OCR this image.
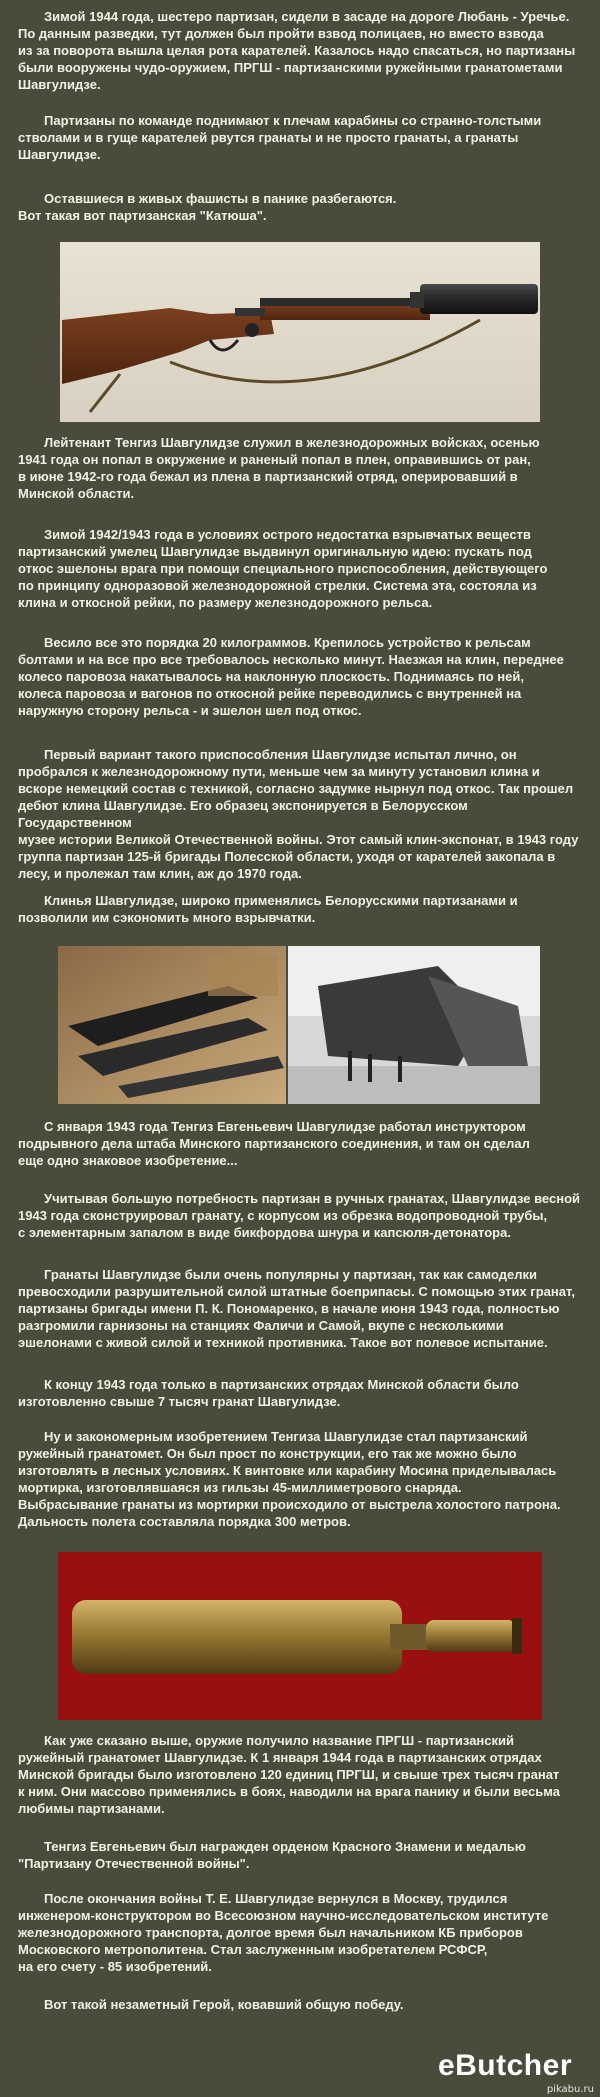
Зимой 1944 года, шестеро партизан, сидели в засаде на дороге Любань - Уречье.
По данным разведки, тут должен был пройти взвод полицаев, но вместо взвода
из за поворота вышла целая рота карателей. Казалось надо спасаться, но партизаны
были вооружены чудо-оружием, ПРГШ - партизанскими ружейными гранатометами
Шавгулидзе.

Партизаны по команде поднимают к плечам карабины со странно-толстыми
стволами и в гуще карателей рвутся гранаты и не просто гранаты, а гранаты
Шавгулидзе.

Оставшиеся в живых фашисты в панике разбегаются.
Вот такая вот партизанская "Катюша".

Лейтенант Тенгиз Шавгулидзе служил в железнодорожных войсках, осенью
1941 года он попал в окружение и раненый попал в плен, оправившись от ран,
в июне 1942-го года бежал из плена в партизанский отряд, оперировавший в
Минской области.

Зимой 1942/1943 года в условиях острого недостатка взрывчатых веществ
партизанский умелец Шавгулидзе выдвинул оригинальную идею: пускать под
откос эшелоны врага при помощи специального приспособления, действующего
по принципу одноразовой железнодорожной стрелки. Система эта, состояла из
клина и откосной рейки, по размеру железнодорожного рельса.

Весило все это порядка 20 килограммов. Крепилось устройство к рельсам
болтами и на все про все требовалось несколько минут. Наезжая на клин, переднее
колесо паровоза накатывалось на наклонную плоскость. Поднимаясь по ней,
колеса паровоза и вагонов по откосной рейке переводились с внутренней на
наружную сторону рельса - и эшелон шел под откос.

Первый вариант такого приспособления Шавгулидзе испытал лично, он
пробрался к железнодорожному пути, меньше чем за минуту установил клина и
вскоре немецкий состав с техникой, согласно задумке нырнул под откос. Так прошел
дебют клина Шавгулидзе. Его образец экспонируется в Белорусском Государственном
музее истории Великой Отечественной войны. Этот самый клин-экспонат, в 1943 году
группа партизан 125-й бригады Полесской области, уходя от карателей закопала в
лесу, и пролежал там клин, аж до 1970 года.

Клинья Шавгулидзе, широко применялись Белорусскими партизанами и
позволили им сэкономить много взрывчатки.

С января 1943 года Тенгиз Евгеньевич Шавгулидзе работал инструктором
подрывного дела штаба Минского партизанского соединения, и там он сделал
еще одно знаковое изобретение...

Учитывая большую потребность партизан в ручных гранатах, Шавгулидзе весной
1943 года сконструировал гранату, с корпусом из обрезка водопроводной трубы,
с элементарным запалом в виде бикфордова шнура и капсюля-детонатора.

Гранаты Шавгулидзе были очень популярны у партизан, так как самоделки
превосходили разрушительной силой штатные боеприпасы. С помощью этих гранат,
партизаны бригады имени П. К. Пономаренко, в начале июня 1943 года, полностью
разгромили гарнизоны на станциях Фаличи и Самой, вкупе с несколькими
эшелонами с живой силой и техникой противника. Такое вот полевое испытание.

К концу 1943 года только в партизанских отрядах Минской области было
изготовленно свыше 7 тысяч гранат Шавгулидзе.

Ну и закономерным изобретением Тенгиза Шавгулидзе стал партизанский
ружейный гранатомет. Он был прост по конструкции, его так же можно было
изготовлять в лесных условиях. К винтовке или карабину Мосина приделывалась
мортирка, изготовлявшаяся из гильзы 45-миллиметрового снаряда.
Выбрасывание гранаты из мортирки происходило от выстрела холостого патрона.
Дальность полета составляла порядка 300 метров.

Как уже сказано выше, оружие получило название ПРГШ - партизанский
ружейный гранатомет Шавгулидзе. К 1 января 1944 года в партизанских отрядах
Минской бригады было изготовлено 120 единиц ПРГШ, и свыше трех тысяч гранат
к ним. Они массово применялись в боях, наводили на врага панику и были весьма
любимы партизанами.

Тенгиз Евгеньевич был награжден орденом Красного Знамени и медалью
"Партизану Отечественной войны".

После окончания войны Т. Е. Шавгулидзе вернулся в Москву, трудился
инженером-конструктором во Всесоюзном научно-исследовательском институте
железнодорожного транспорта, долгое время был начальником КБ приборов
Московского метрополитена. Стал заслуженным изобретателем РСФСР,
на его счету - 85 изобретений.

Вот такой незаметный Герой, ковавший общую победу.

eButcher
pikabu.ru
